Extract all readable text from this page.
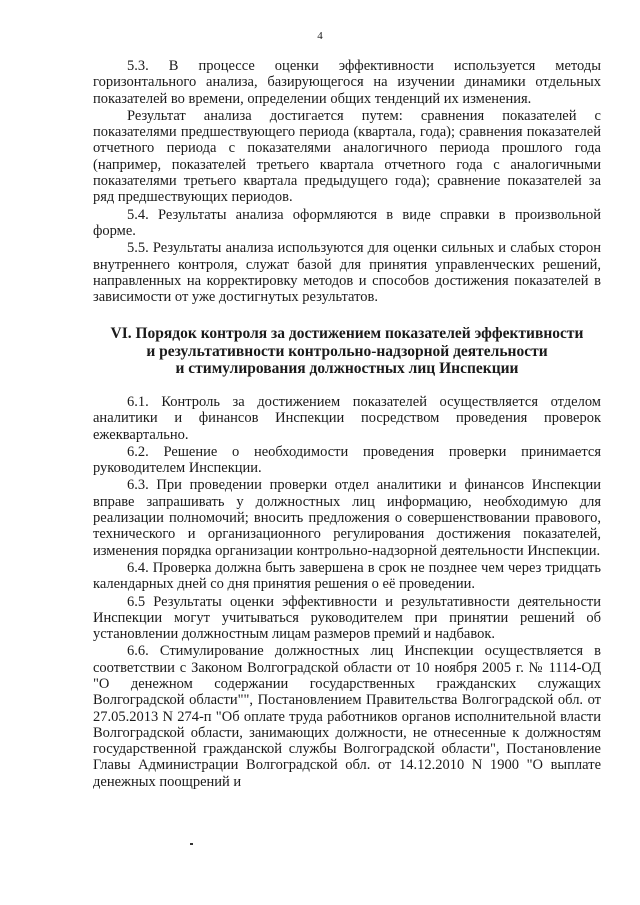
4

5.3. В процессе оценки эффективности используется методы горизонтального анализа, базирующегося на изучении динамики отдельных показателей во времени, определении общих тенденций их изменения.

Результат анализа достигается путем: сравнения показателей с показателями предшествующего периода (квартала, года); сравнения показателей отчетного периода с показателями аналогичного периода прошлого года (например, показателей третьего квартала отчетного года с аналогичными показателями третьего квартала предыдущего года); сравнение показателей за ряд предшествующих периодов.

5.4. Результаты анализа оформляются в виде справки в произвольной форме.

5.5. Результаты анализа используются для оценки сильных и слабых сторон внутреннего контроля, служат базой для принятия управленческих решений, направленных на корректировку методов и способов достижения показателей в зависимости от уже достигнутых результатов.

VI. Порядок контроля за достижением показателей эффективности
и результативности контрольно-надзорной деятельности
и стимулирования должностных лиц Инспекции

6.1. Контроль за достижением показателей осуществляется отделом аналитики и финансов Инспекции посредством проведения проверок ежеквартально.

6.2. Решение о необходимости проведения проверки принимается руководителем Инспекции.

6.3. При проведении проверки отдел аналитики и финансов Инспекции вправе запрашивать у должностных лиц информацию, необходимую для реализации полномочий; вносить предложения о совершенствовании правового, технического и организационного регулирования достижения показателей, изменения порядка организации контрольно-надзорной деятельности Инспекции.

6.4. Проверка должна быть завершена в срок не позднее чем через тридцать календарных дней со дня принятия решения о её проведении.

6.5 Результаты оценки эффективности и результативности деятельности Инспекции могут учитываться руководителем при принятии решений об установлении должностным лицам размеров премий и надбавок.

6.6. Стимулирование должностных лиц Инспекции осуществляется в соответствии с Законом Волгоградской области от 10 ноября 2005 г. № 1114-ОД "О денежном содержании государственных гражданских служащих Волгоградской области"", Постановлением Правительства Волгоградской обл. от 27.05.2013 N 274-п "Об оплате труда работников органов исполнительной власти Волгоградской области, занимающих должности, не отнесенные к должностям государственной гражданской службы Волгоградской области", Постановление Главы Администрации Волгоградской обл. от 14.12.2010 N 1900 "О выплате денежных поощрений и
